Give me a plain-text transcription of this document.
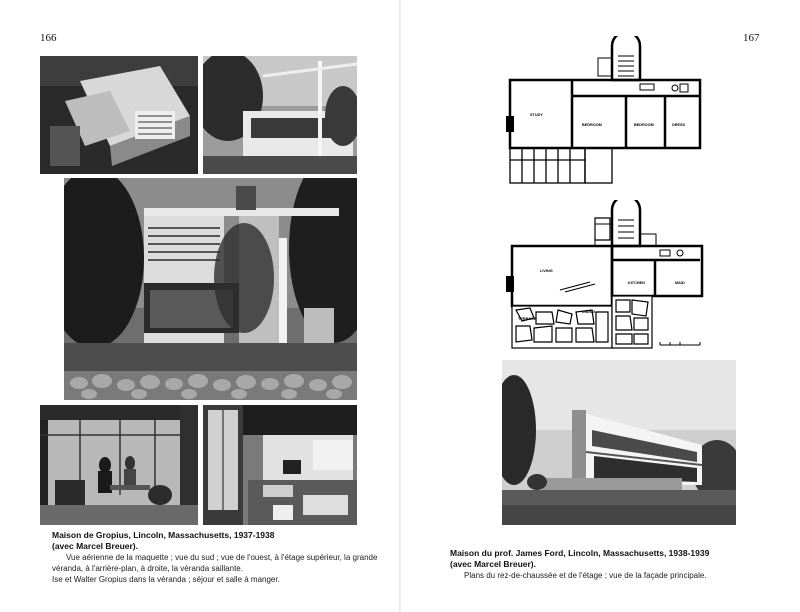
166
Maison de Gropius, Lincoln, Massachusetts, 1937-1938
(avec Marcel Breuer).
Vue aérienne de la maquette ; vue du sud ; vue de l'ouest, à l'étage supérieur, la grande
véranda, à l'arrière-plan, à droite, la véranda saillante.
Ise et Walter Gropius dans la véranda ; séjour et salle à manger.
167
STUDY
BEDROOM	BEDROOM	DRESS
LIVING
KITCHEN	MAID
DINING
TERRACE
Maison du prof. James Ford, Lincoln, Massachusetts, 1938-1939
(avec Marcel Breuer).
Plans du rez-de-chaussée et de l'étage ; vue de la façade principale.
